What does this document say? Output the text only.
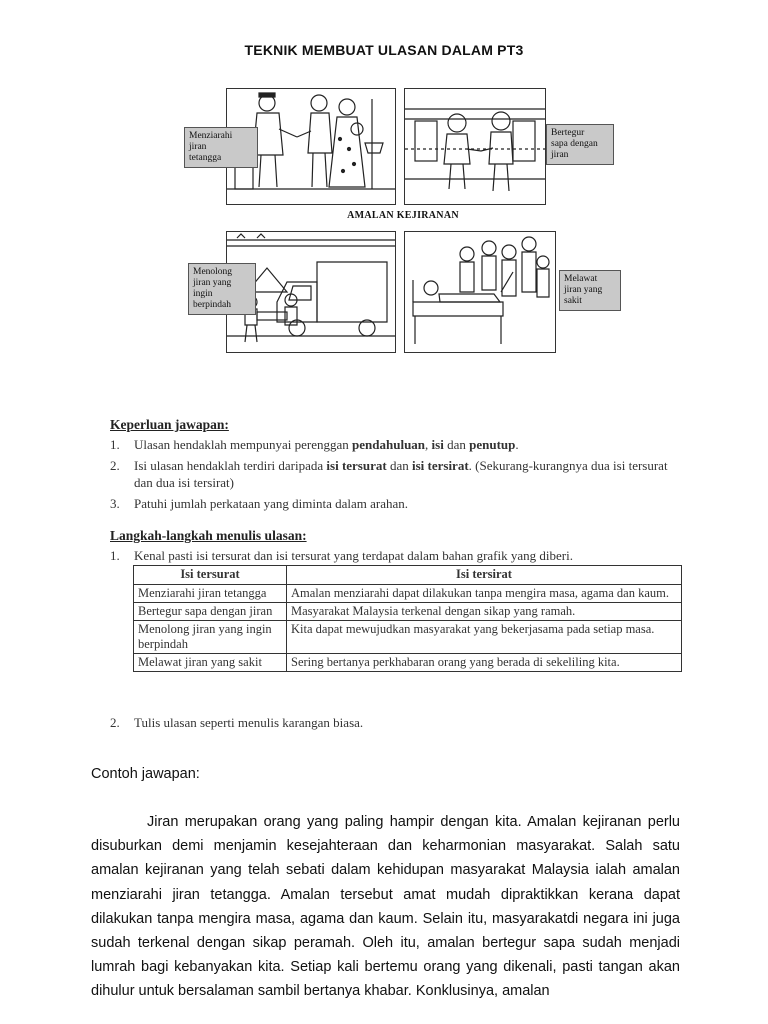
TEKNIK MEMBUAT ULASAN DALAM PT3
Menziarahi
jiran
tetangga
Bertegur
sapa dengan
jiran
AMALAN KEJIRANAN
Menolong
jiran yang
ingin
berpindah
Melawat
jiran yang
sakit
Keperluan jawapan:
1.	Ulasan hendaklah mempunyai perenggan pendahuluan, isi dan penutup.
2.	Isi ulasan hendaklah terdiri daripada isi tersurat dan isi tersirat. (Sekurang-kurangnya dua isi tersurat dan dua isi tersirat)
3.	Patuhi jumlah perkataan yang diminta dalam arahan.
Langkah-langkah menulis ulasan:
1.	Kenal pasti isi tersurat dan isi tersurat yang terdapat dalam bahan grafik yang diberi.
Isi tersurat	Isi tersirat
Menziarahi jiran tetangga	Amalan menziarahi dapat dilakukan tanpa mengira masa, agama dan kaum.
Bertegur sapa dengan jiran	Masyarakat Malaysia terkenal dengan sikap yang ramah.
Menolong jiran yang ingin berpindah	Kita dapat mewujudkan masyarakat yang bekerjasama pada setiap masa.
Melawat jiran yang sakit	Sering bertanya perkhabaran orang yang berada di sekeliling kita.
2.	Tulis ulasan seperti menulis karangan biasa.
Contoh jawapan:
Jiran merupakan orang yang paling hampir dengan kita. Amalan kejiranan perlu disuburkan demi menjamin kesejahteraan dan keharmonian masyarakat. Salah satu amalan kejiranan yang telah sebati dalam kehidupan masyarakat Malaysia ialah amalan menziarahi jiran tetangga. Amalan tersebut amat mudah dipraktikkan kerana dapat dilakukan tanpa mengira masa, agama dan kaum. Selain itu, masyarakatdi negara ini juga sudah terkenal dengan sikap peramah. Oleh itu, amalan bertegur sapa sudah menjadi lumrah bagi kebanyakan kita. Setiap kali bertemu orang yang dikenali, pasti tangan akan dihulur untuk bersalaman sambil bertanya khabar. Konklusinya, amalan
